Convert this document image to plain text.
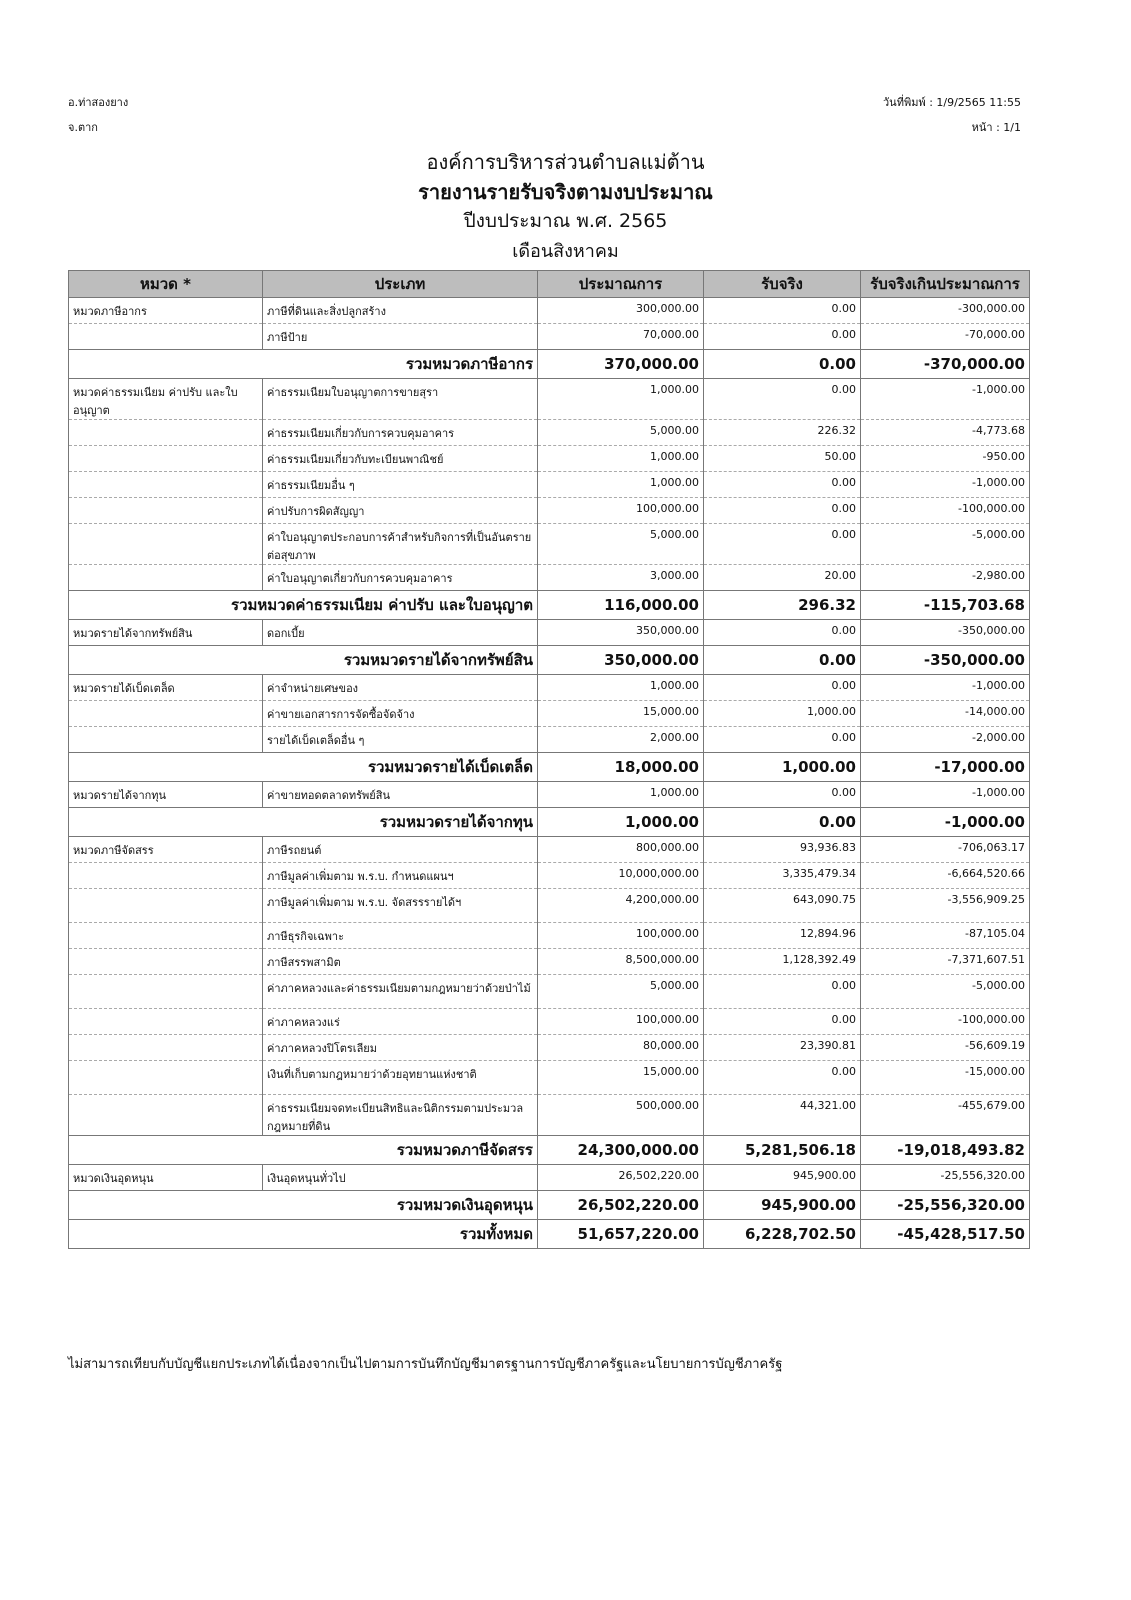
อ.ท่าสองยาง
จ.ตาก
วันที่พิมพ์ : 1/9/2565 11:55
หน้า : 1/1
องค์การบริหารส่วนตำบลแม่ต้าน
รายงานรายรับจริงตามงบประมาณ
ปีงบประมาณ พ.ศ. 2565
เดือนสิงหาคม
หมวด *	ประเภท	ประมาณการ	รับจริง	รับจริงเกินประมาณการ
หมวดภาษีอากร	ภาษีที่ดินและสิ่งปลูกสร้าง	300,000.00	0.00	-300,000.00
	ภาษีป้าย	70,000.00	0.00	-70,000.00
รวมหมวดภาษีอากร		370,000.00	0.00	-370,000.00
หมวดค่าธรรมเนียม ค่าปรับ และใบอนุญาต	ค่าธรรมเนียมใบอนุญาตการขายสุรา	1,000.00	0.00	-1,000.00
	ค่าธรรมเนียมเกี่ยวกับการควบคุมอาคาร	5,000.00	226.32	-4,773.68
	ค่าธรรมเนียมเกี่ยวกับทะเบียนพาณิชย์	1,000.00	50.00	-950.00
	ค่าธรรมเนียมอื่น ๆ	1,000.00	0.00	-1,000.00
	ค่าปรับการผิดสัญญา	100,000.00	0.00	-100,000.00
	ค่าใบอนุญาตประกอบการค้าสำหรับกิจการที่เป็นอันตรายต่อสุขภาพ	5,000.00	0.00	-5,000.00
	ค่าใบอนุญาตเกี่ยวกับการควบคุมอาคาร	3,000.00	20.00	-2,980.00
รวมหมวดค่าธรรมเนียม ค่าปรับ และใบอนุญาต		116,000.00	296.32	-115,703.68
หมวดรายได้จากทรัพย์สิน	ดอกเบี้ย	350,000.00	0.00	-350,000.00
รวมหมวดรายได้จากทรัพย์สิน		350,000.00	0.00	-350,000.00
หมวดรายได้เบ็ดเตล็ด	ค่าจำหน่ายเศษของ	1,000.00	0.00	-1,000.00
	ค่าขายเอกสารการจัดซื้อจัดจ้าง	15,000.00	1,000.00	-14,000.00
	รายได้เบ็ดเตล็ดอื่น ๆ	2,000.00	0.00	-2,000.00
รวมหมวดรายได้เบ็ดเตล็ด		18,000.00	1,000.00	-17,000.00
หมวดรายได้จากทุน	ค่าขายทอดตลาดทรัพย์สิน	1,000.00	0.00	-1,000.00
รวมหมวดรายได้จากทุน		1,000.00	0.00	-1,000.00
หมวดภาษีจัดสรร	ภาษีรถยนต์	800,000.00	93,936.83	-706,063.17
	ภาษีมูลค่าเพิ่มตาม พ.ร.บ. กำหนดแผนฯ	10,000,000.00	3,335,479.34	-6,664,520.66
	ภาษีมูลค่าเพิ่มตาม พ.ร.บ. จัดสรรรายได้ฯ	4,200,000.00	643,090.75	-3,556,909.25
	ภาษีธุรกิจเฉพาะ	100,000.00	12,894.96	-87,105.04
	ภาษีสรรพสามิต	8,500,000.00	1,128,392.49	-7,371,607.51
	ค่าภาคหลวงและค่าธรรมเนียมตามกฎหมายว่าด้วยป่าไม้	5,000.00	0.00	-5,000.00
	ค่าภาคหลวงแร่	100,000.00	0.00	-100,000.00
	ค่าภาคหลวงปิโตรเลียม	80,000.00	23,390.81	-56,609.19
	เงินที่เก็บตามกฎหมายว่าด้วยอุทยานแห่งชาติ	15,000.00	0.00	-15,000.00
	ค่าธรรมเนียมจดทะเบียนสิทธิและนิติกรรมตามประมวลกฎหมายที่ดิน	500,000.00	44,321.00	-455,679.00
รวมหมวดภาษีจัดสรร		24,300,000.00	5,281,506.18	-19,018,493.82
หมวดเงินอุดหนุน	เงินอุดหนุนทั่วไป	26,502,220.00	945,900.00	-25,556,320.00
รวมหมวดเงินอุดหนุน		26,502,220.00	945,900.00	-25,556,320.00
รวมทั้งหมด		51,657,220.00	6,228,702.50	-45,428,517.50
ไม่สามารถเทียบกับบัญชีแยกประเภทได้เนื่องจากเป็นไปตามการบันทึกบัญชีมาตรฐานการบัญชีภาครัฐและนโยบายการบัญชีภาครัฐ
